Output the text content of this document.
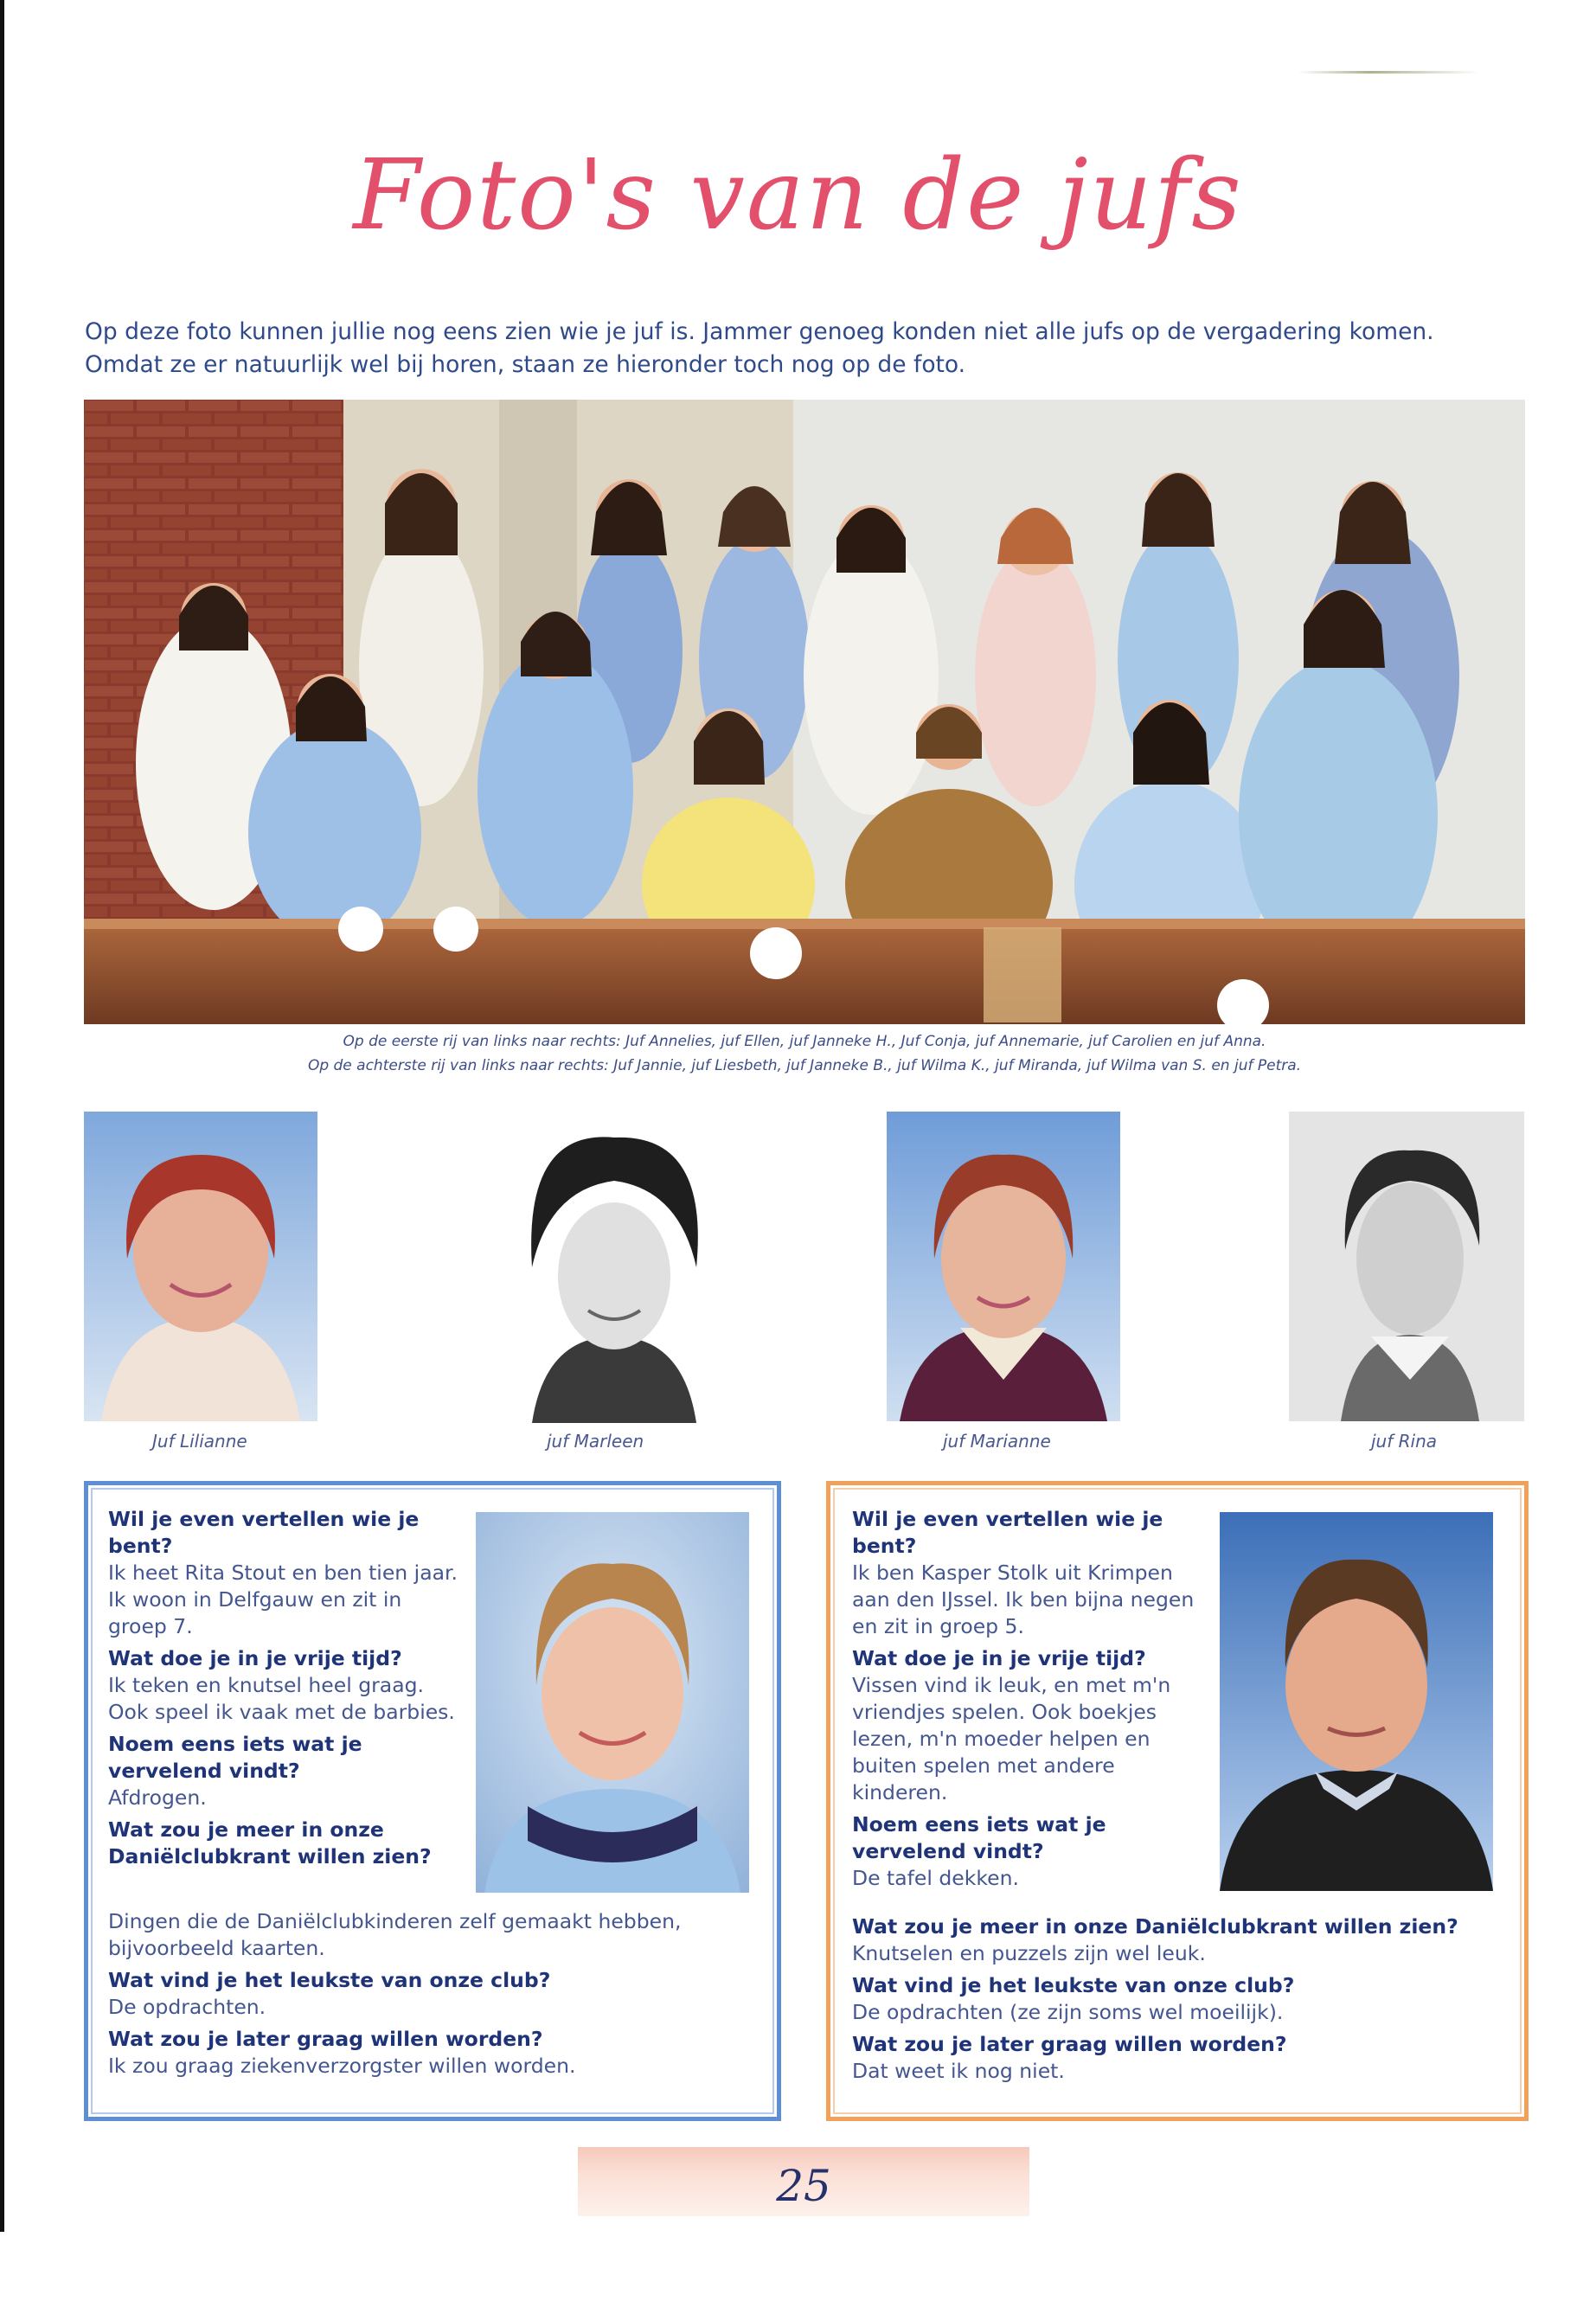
Foto's van de jufs

Op deze foto kunnen jullie nog eens zien wie je juf is. Jammer genoeg konden niet alle jufs op de vergadering komen.

Omdat ze er natuurlijk wel bij horen, staan ze hieronder toch nog op de foto.

Op de eerste rij van links naar rechts: Juf Annelies, juf Ellen, juf Janneke H., Juf Conja, juf Annemarie, juf Carolien en juf Anna.
Op de achterste rij van links naar rechts: Juf Jannie, juf Liesbeth, juf Janneke B., juf Wilma K., juf Miranda, juf Wilma van S. en juf Petra.
Juf Lilianne	juf Marleen	juf Marianne	juf Rina

Wil je even vertellen wie je bent?

Ik heet Rita Stout en ben tien jaar. Ik woon in Delfgauw en zit in groep 7.

Wat doe je in je vrije tijd?

Ik teken en knutsel heel graag. Ook speel ik vaak met de barbies.

Noem eens iets wat je vervelend vindt?

Afdrogen.

Wat zou je meer in onze Daniëlclubkrant willen zien?

Dingen die de Daniëlclubkinderen zelf gemaakt hebben, bijvoorbeeld kaarten.

Wat vind je het leukste van onze club?

De opdrachten.

Wat zou je later graag willen worden?

Ik zou graag ziekenverzorgster willen worden.

Wil je even vertellen wie je bent?

Ik ben Kasper Stolk uit Krimpen aan den IJssel. Ik ben bijna negen en zit in groep 5.

Wat doe je in je vrije tijd?

Vissen vind ik leuk, en met m'n vriendjes spelen. Ook boekjes lezen, m'n moeder helpen en buiten spelen met andere kinderen.

Noem eens iets wat je vervelend vindt?

De tafel dekken.

Wat zou je meer in onze Daniëlclubkrant willen zien?

Knutselen en puzzels zijn wel leuk.

Wat vind je het leukste van onze club?

De opdrachten (ze zijn soms wel moeilijk).

Wat zou je later graag willen worden?

Dat weet ik nog niet.

25
